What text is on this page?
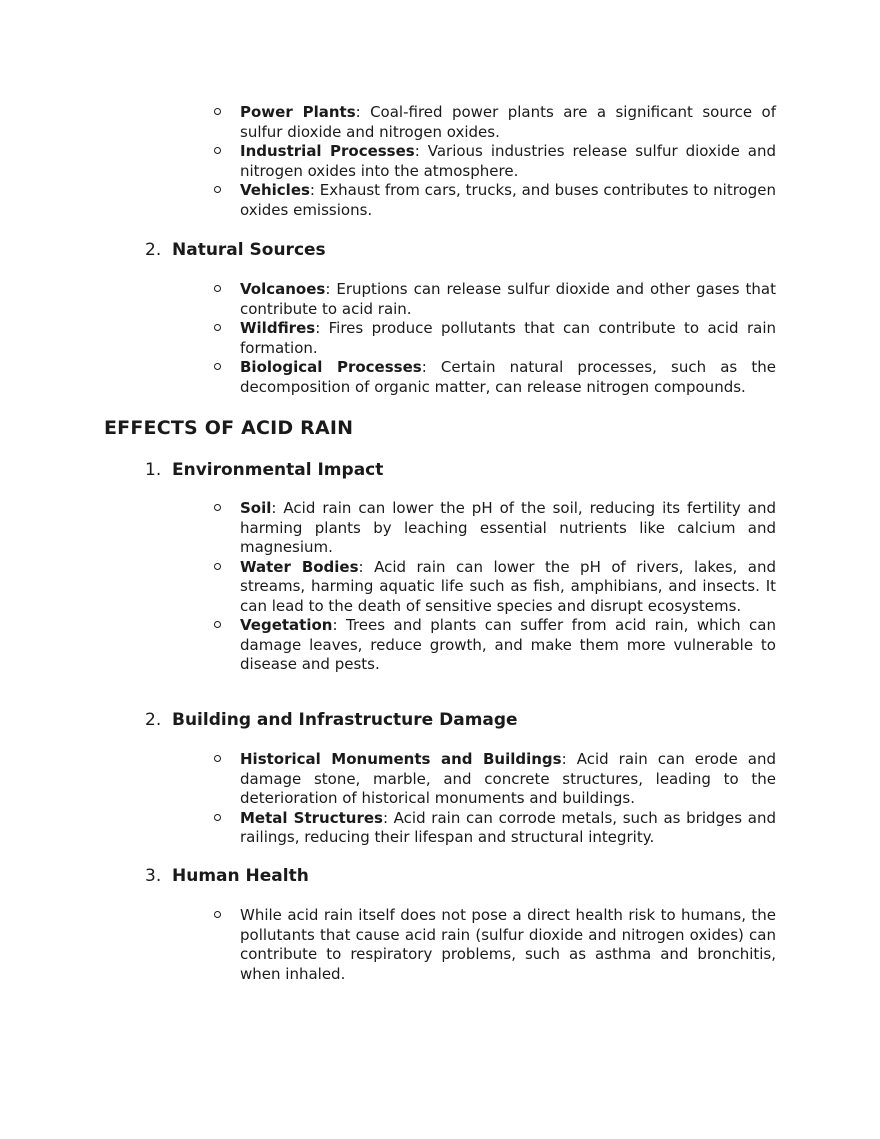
Power Plants: Coal-fired power plants are a significant source of sulfur dioxide and nitrogen oxides.
Industrial Processes: Various industries release sulfur dioxide and nitrogen oxides into the atmosphere.
Vehicles: Exhaust from cars, trucks, and buses contributes to nitrogen oxides emissions.
2. Natural Sources
Volcanoes: Eruptions can release sulfur dioxide and other gases that contribute to acid rain.
Wildfires: Fires produce pollutants that can contribute to acid rain formation.
Biological Processes: Certain natural processes, such as the decomposition of organic matter, can release nitrogen compounds.
EFFECTS OF ACID RAIN
1. Environmental Impact
Soil: Acid rain can lower the pH of the soil, reducing its fertility and harming plants by leaching essential nutrients like calcium and magnesium.
Water Bodies: Acid rain can lower the pH of rivers, lakes, and streams, harming aquatic life such as fish, amphibians, and insects. It can lead to the death of sensitive species and disrupt ecosystems.
Vegetation: Trees and plants can suffer from acid rain, which can damage leaves, reduce growth, and make them more vulnerable to disease and pests.
2. Building and Infrastructure Damage
Historical Monuments and Buildings: Acid rain can erode and damage stone, marble, and concrete structures, leading to the deterioration of historical monuments and buildings.
Metal Structures: Acid rain can corrode metals, such as bridges and railings, reducing their lifespan and structural integrity.
3. Human Health
While acid rain itself does not pose a direct health risk to humans, the pollutants that cause acid rain (sulfur dioxide and nitrogen oxides) can contribute to respiratory problems, such as asthma and bronchitis, when inhaled.
